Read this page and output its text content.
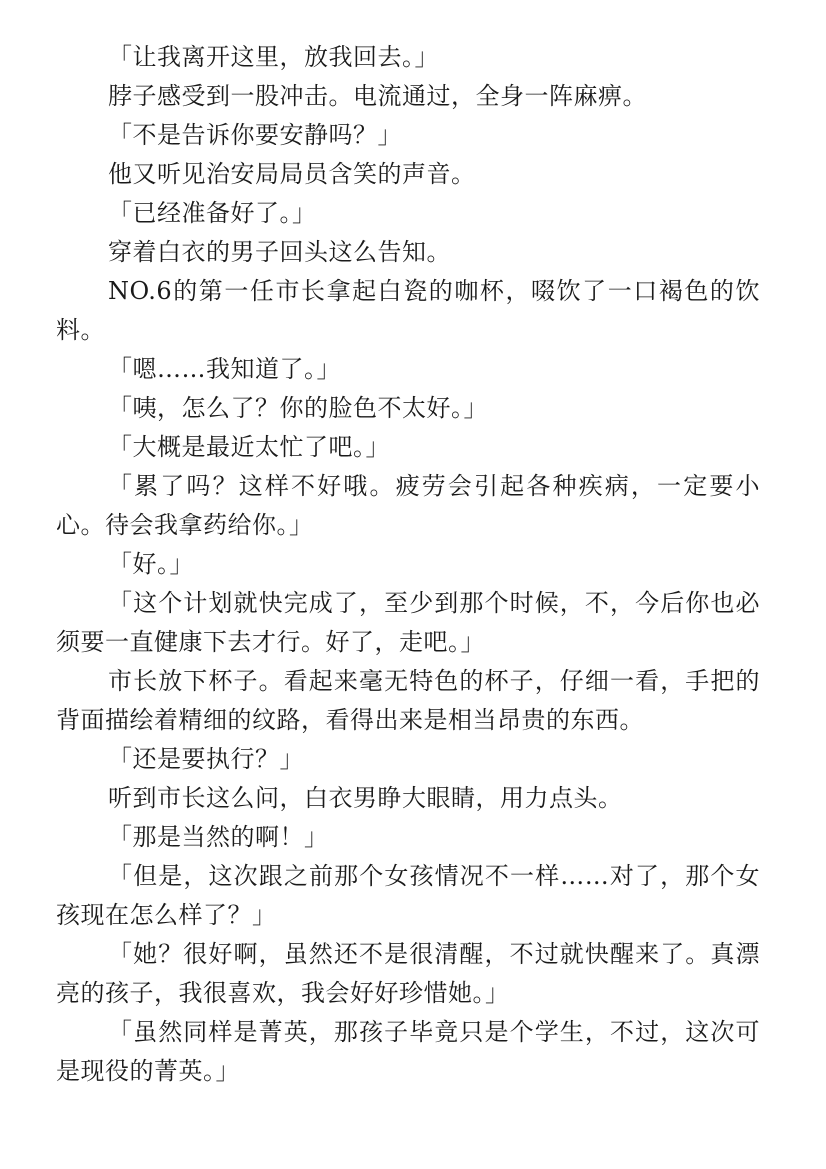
「让我离开这里，放我回去。」

脖子感受到一股冲击。电流通过，全身一阵麻痹。

「不是告诉你要安静吗？」

他又听见治安局局员含笑的声音。

「已经准备好了。」

穿着白衣的男子回头这么告知。

NO.6的第一任市长拿起白瓷的咖杯，啜饮了一口褐色的饮料。

「嗯……我知道了。」

「咦，怎么了？你的脸色不太好。」

「大概是最近太忙了吧。」

「累了吗？这样不好哦。疲劳会引起各种疾病，一定要小心。待会我拿药给你。」

「好。」

「这个计划就快完成了，至少到那个时候，不，今后你也必须要一直健康下去才行。好了，走吧。」

市长放下杯子。看起来毫无特色的杯子，仔细一看，手把的背面描绘着精细的纹路，看得出来是相当昂贵的东西。

「还是要执行？」

听到市长这么问，白衣男睁大眼睛，用力点头。

「那是当然的啊！」

「但是，这次跟之前那个女孩情况不一样……对了，那个女孩现在怎么样了？」

「她？很好啊，虽然还不是很清醒，不过就快醒来了。真漂亮的孩子，我很喜欢，我会好好珍惜她。」

「虽然同样是菁英，那孩子毕竟只是个学生，不过，这次可是现役的菁英。」
